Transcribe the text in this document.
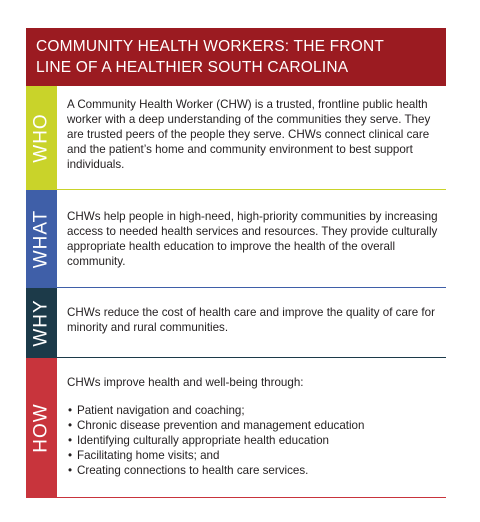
COMMUNITY HEALTH WORKERS: THE FRONT
LINE OF A HEALTHIER SOUTH CAROLINA
WHO
A Community Health Worker (CHW) is a trusted, frontline public health worker with a deep understanding of the communities they serve. They are trusted peers of the people they serve. CHWs connect clinical care and the patient’s home and community environment to best support individuals.
WHAT CHWs help people in high-need, high-priority communities by increasing access to needed health services and resources. They provide culturally appropriate health education to improve the health of the overall community.
WHY CHWs reduce the cost of health care and improve the quality of care for minority and rural communities.
HOW
CHWs improve health and well-being through:
• Patient navigation and coaching;
• Chronic disease prevention and management education
• Identifying culturally appropriate health education
• Facilitating home visits; and
• Creating connections to health care services.
